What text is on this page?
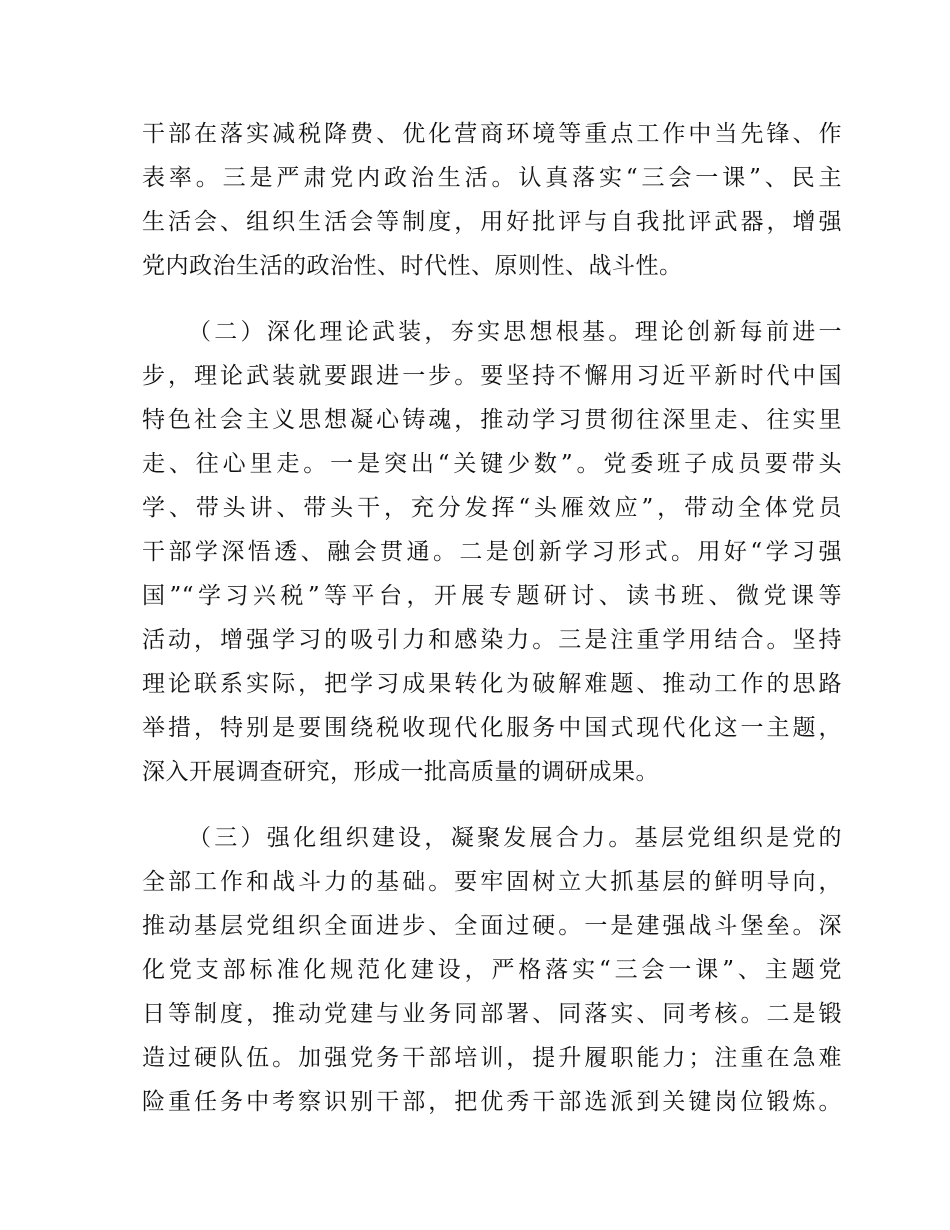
干部在落实减税降费、优化营商环境等重点工作中当先锋、作
表率。三是严肃党内政治生活。认真落实“三会一课”、民主
生活会、组织生活会等制度，用好批评与自我批评武器，增强
党内政治生活的政治性、时代性、原则性、战斗性。
（二）深化理论武装，夯实思想根基。理论创新每前进一
步，理论武装就要跟进一步。要坚持不懈用习近平新时代中国
特色社会主义思想凝心铸魂，推动学习贯彻往深里走、往实里
走、往心里走。一是突出“关键少数”。党委班子成员要带头
学、带头讲、带头干，充分发挥“头雁效应”，带动全体党员
干部学深悟透、融会贯通。二是创新学习形式。用好“学习强
国”“学习兴税”等平台，开展专题研讨、读书班、微党课等
活动，增强学习的吸引力和感染力。三是注重学用结合。坚持
理论联系实际，把学习成果转化为破解难题、推动工作的思路
举措，特别是要围绕税收现代化服务中国式现代化这一主题，
深入开展调查研究，形成一批高质量的调研成果。
（三）强化组织建设，凝聚发展合力。基层党组织是党的
全部工作和战斗力的基础。要牢固树立大抓基层的鲜明导向，
推动基层党组织全面进步、全面过硬。一是建强战斗堡垒。深
化党支部标准化规范化建设，严格落实“三会一课”、主题党
日等制度，推动党建与业务同部署、同落实、同考核。二是锻
造过硬队伍。加强党务干部培训，提升履职能力；注重在急难
险重任务中考察识别干部，把优秀干部选派到关键岗位锻炼。
